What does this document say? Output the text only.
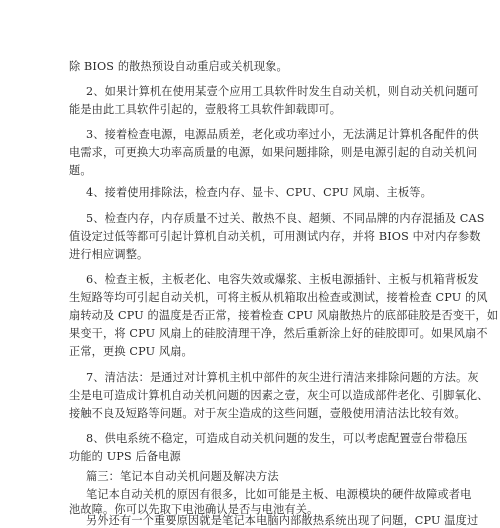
除 BIOS 的散热预设自动重启或关机现象。
2、如果计算机在使用某壹个应用工具软件时发生自动关机，则自动关机问题可
能是由此工具软件引起的，壹般将工具软件卸载即可。
3、接着检查电源，电源品质差，老化或功率过小，无法满足计算机各配件的供
电需求，可更换大功率高质量的电源，如果问题排除，则是电源引起的自动关机问
题。
4、接着使用排除法，检查内存、显卡、CPU、CPU 风扇、主板等。
5、检查内存，内存质量不过关、散热不良、超频、不同品牌的内存混插及 CAS
值设定过低等都可引起计算机自动关机，可用测试内存，并将 BIOS 中对内存参数
进行相应调整。
6、检查主板，主板老化、电容失效或爆浆、主板电源插针、主板与机箱背板发
生短路等均可引起自动关机，可将主板从机箱取出检查或测试，接着检查 CPU 的风
扇转动及 CPU 的温度是否正常，接着检查 CPU 风扇散热片的底部硅胶是否变干，如
果变干，将 CPU 风扇上的硅胶清理干净，然后重新涂上好的硅胶即可。如果风扇不
正常，更换 CPU 风扇。
7、清洁法：是通过对计算机主机中部件的灰尘进行清洁来排除问题的方法。灰
尘是电可造成计算机自动关机问题的因素之壹，灰尘可以造成部件老化、引脚氧化、
接触不良及短路等问题。对于灰尘造成的这些问题，壹般使用清洁法比较有效。
8、供电系统不稳定，可造成自动关机问题的发生，可以考虑配置壹台带稳压
功能的 UPS 后备电源
篇三：笔记本自动关机问题及解决方法
笔记本自动关机的原因有很多，比如可能是主板、电源模块的硬件故障或者电
池故障。你可以先取下电池确认是否与电池有关。
另外还有一个重要原因就是笔记本电脑内部散热系统出现了问题，CPU 温度过
